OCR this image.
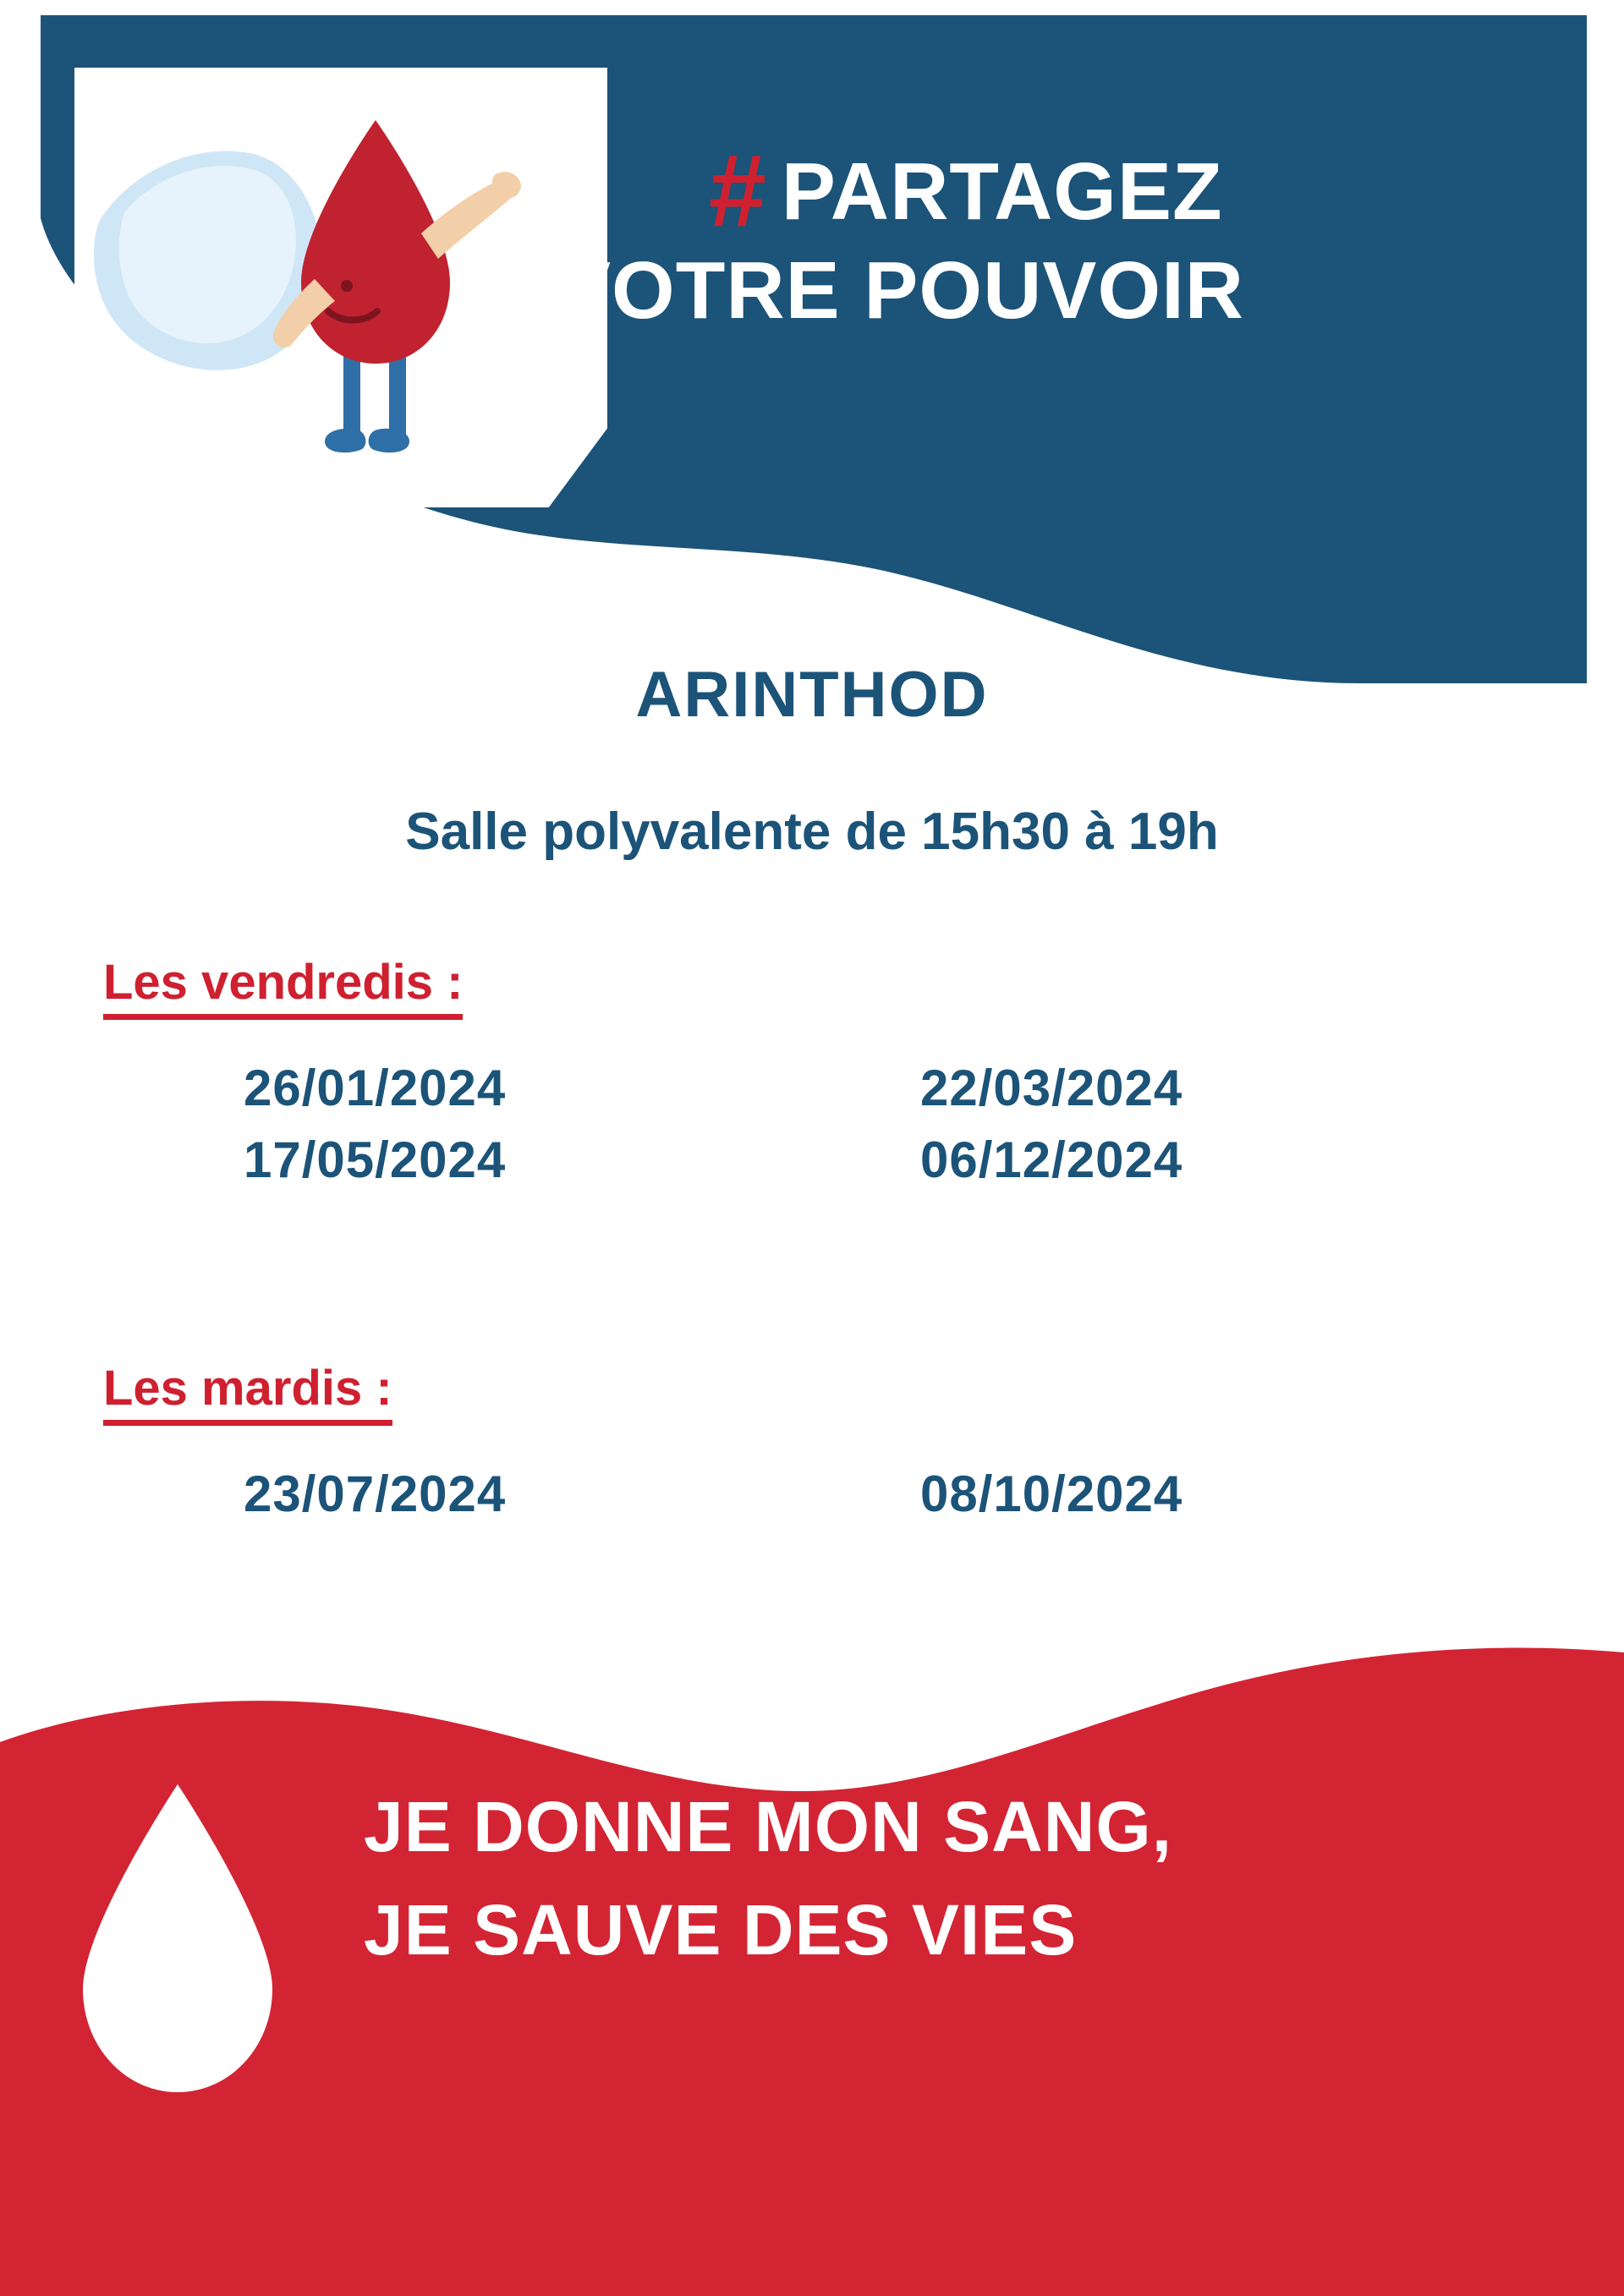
# PARTAGEZ
VOTRE POUVOIR
ARINTHOD
Salle polyvalente de 15h30 à 19h
Les vendredis :
26/01/2024	22/03/2024
17/05/2024	06/12/2024
Les mardis :
23/07/2024	08/10/2024
JE DONNE MON SANG,
JE SAUVE DES VIES
